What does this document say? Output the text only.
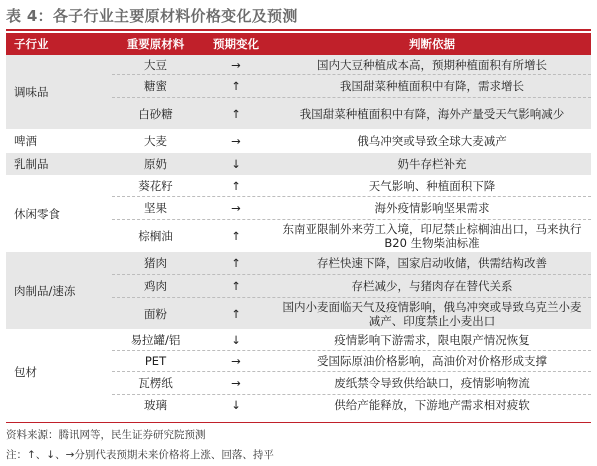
表 4：各子行业主要原材料价格变化及预测
子行业	重要原材料	预期变化	判断依据
调味品
大豆	→	国内大豆种植成本高，预期种植面积有所增长
糖蜜	↑	我国甜菜种植面积中有降，需求增长
白砂糖	↑	我国甜菜种植面积中有降，海外产量受天气影响减少
啤酒	大麦	→	俄乌冲突或导致全球大麦减产
乳制品	原奶	↓	奶牛存栏补充
休闲零食
葵花籽	↑	天气影响、种植面积下降
坚果	→	海外疫情影响坚果需求
棕榈油	↑	东南亚限制外来劳工入境，印尼禁止棕榈油出口，马来执行 B20 生物柴油标准
肉制品/速冻
猪肉	↑	存栏快速下降，国家启动收储，供需结构改善
鸡肉	↑	存栏减少，与猪肉存在替代关系
面粉	↑	国内小麦面临天气及疫情影响，俄乌冲突或导致乌克兰小麦减产、印度禁止小麦出口
包材
易拉罐/铝	↓	疫情影响下游需求，限电限产情况恢复
PET	→	受国际原油价格影响，高油价对价格形成支撑
瓦楞纸	→	废纸禁令导致供给缺口，疫情影响物流
玻璃	↓	供给产能释放，下游地产需求相对疲软
资料来源：腾讯网等，民生证券研究院预测
注：↑、↓、→分别代表预期未来价格将上涨、回落、持平
